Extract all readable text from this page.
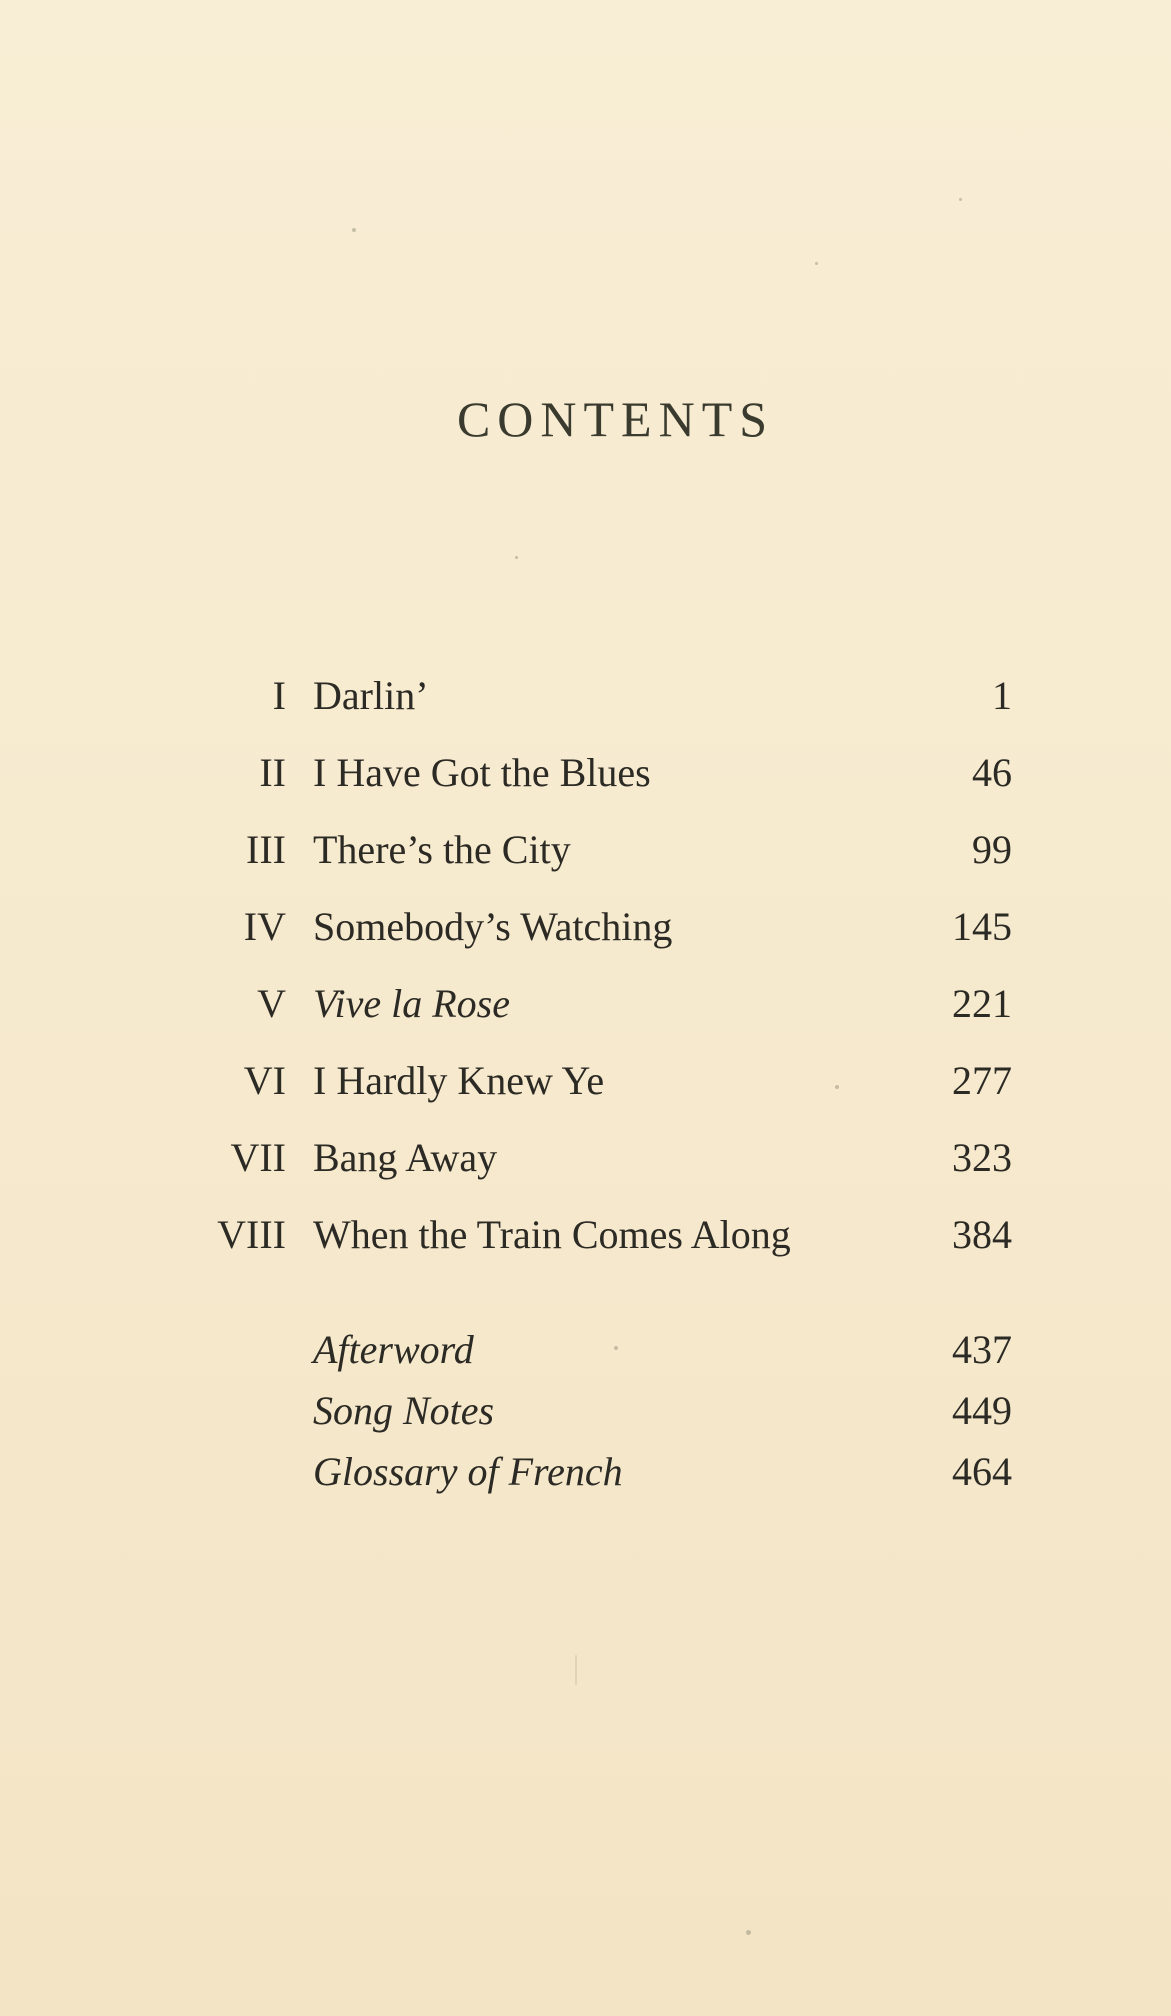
CONTENTS
I Darlin’	1
II I Have Got the Blues	46
III There’s the City	99
IV Somebody’s Watching	145
V Vive la Rose	221
VI I Hardly Knew Ye	277
VII Bang Away	323
VIII When the Train Comes Along	384
Afterword	437
Song Notes	449
Glossary of French	464
